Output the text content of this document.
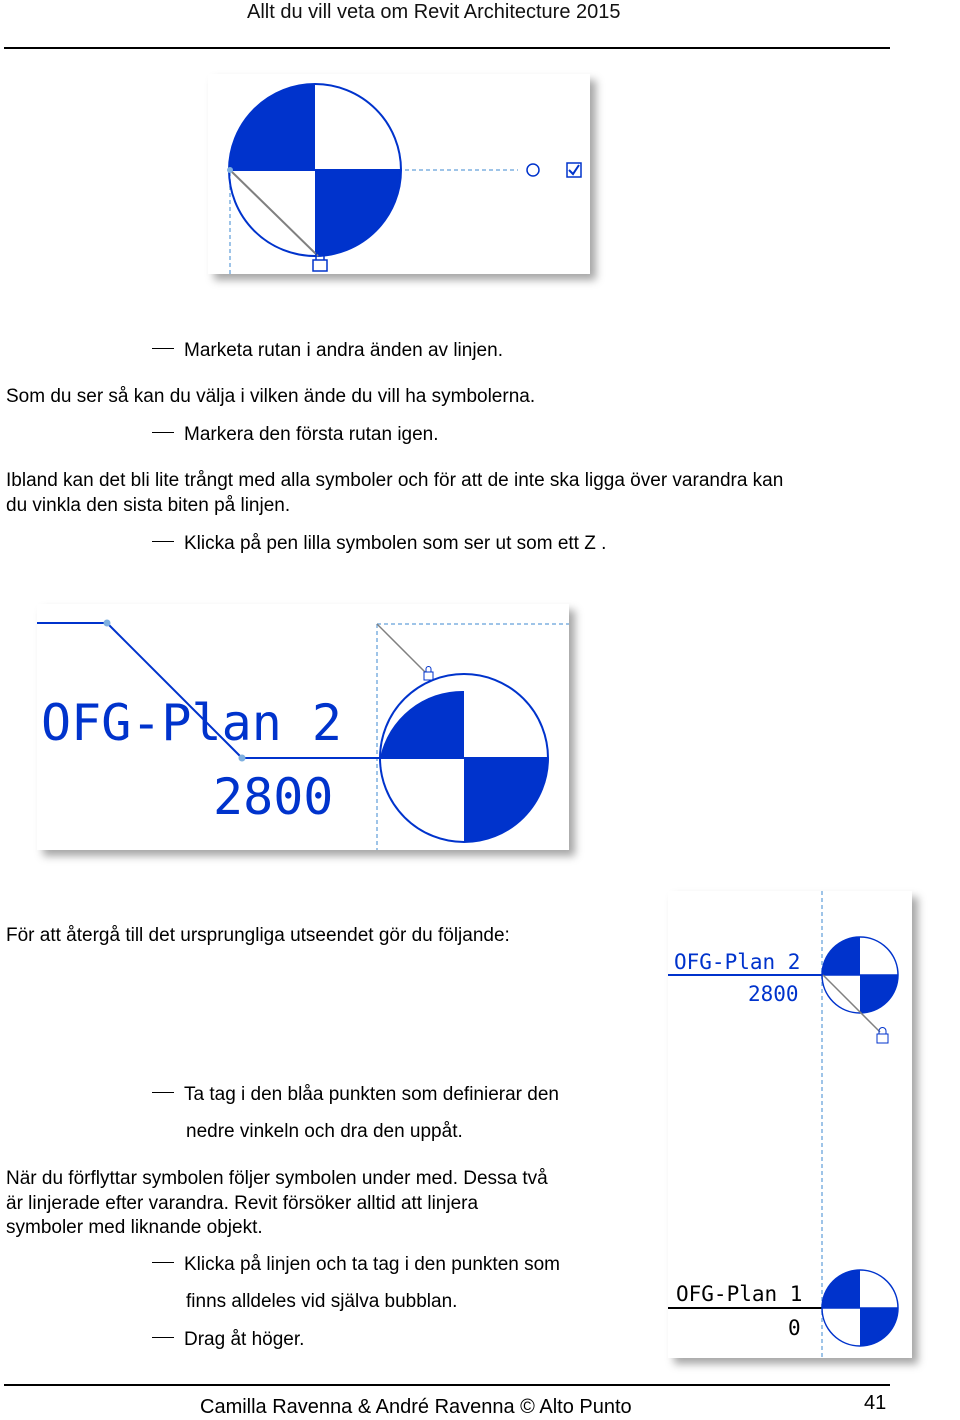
Allt du vill veta om Revit Architecture 2015
Marketa rutan i andra änden av linjen.
Som du ser så kan du välja i vilken ände du vill ha symbolerna.
Markera den första rutan igen.
Ibland kan det bli lite trångt med alla symboler och för att de inte ska ligga över varandra kan
du vinkla den sista biten på linjen.
Klicka på pen lilla symbolen som ser ut som ett Z .
OFG-Plan 2
2800
För att återgå till det ursprungliga utseendet gör du följande:
OFG-Plan 2
2800
OFG-Plan 1
0
Ta tag i den blåa punkten som definierar den
nedre vinkeln och dra den uppåt.
När du förflyttar symbolen följer symbolen under med. Dessa två
är linjerade efter varandra. Revit försöker alltid att linjera
symboler med liknande objekt.
Klicka på linjen och ta tag i den punkten som
finns alldeles vid själva bubblan.
Drag åt höger.
Camilla Ravenna & André Ravenna © Alto Punto	41
